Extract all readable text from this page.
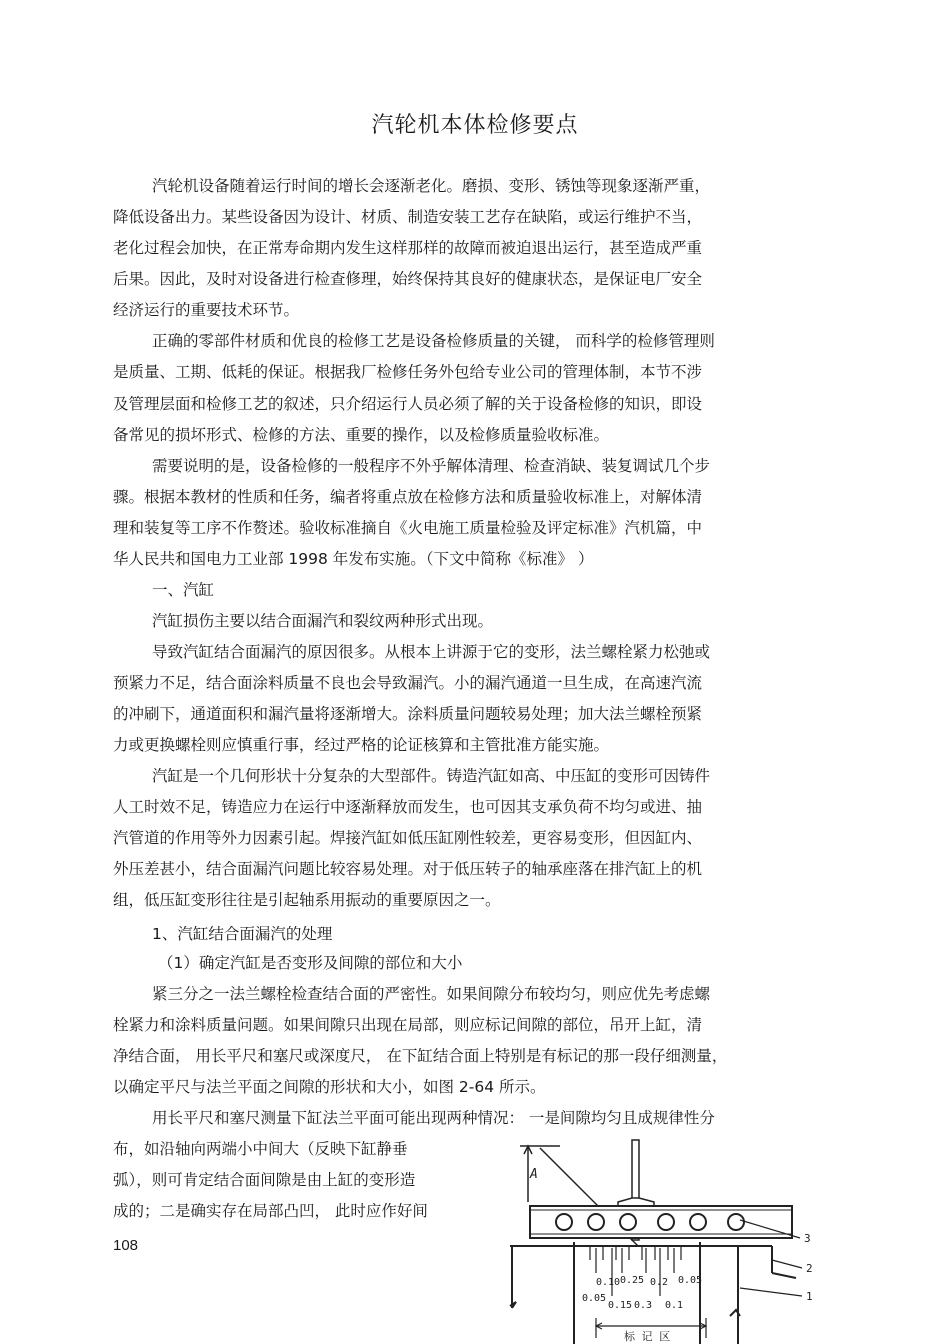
汽轮机本体检修要点
汽轮机设备随着运行时间的增长会逐渐老化。磨损、变形、锈蚀等现象逐渐严重，
降低设备出力。某些设备因为设计、材质、制造安装工艺存在缺陷，或运行维护不当，
老化过程会加快，在正常寿命期内发生这样那样的故障而被迫退出运行，甚至造成严重
后果。因此，及时对设备进行检查修理，始终保持其良好的健康状态，是保证电厂安全
经济运行的重要技术环节。
正确的零部件材质和优良的检修工艺是设备检修质量的关键， 而科学的检修管理则
是质量、工期、低耗的保证。根据我厂检修任务外包给专业公司的管理体制，本节不涉
及管理层面和检修工艺的叙述，只介绍运行人员必须了解的关于设备检修的知识，即设
备常见的损坏形式、检修的方法、重要的操作，以及检修质量验收标准。
需要说明的是，设备检修的一般程序不外乎解体清理、检查消缺、装复调试几个步
骤。根据本教材的性质和任务，编者将重点放在检修方法和质量验收标准上，对解体清
理和装复等工序不作赘述。验收标准摘自《火电施工质量检验及评定标准》汽机篇，中
华人民共和国电力工业部 1998 年发布实施。（下文中简称《标准》 ）
一、汽缸
汽缸损伤主要以结合面漏汽和裂纹两种形式出现。
导致汽缸结合面漏汽的原因很多。从根本上讲源于它的变形，法兰螺栓紧力松弛或
预紧力不足，结合面涂料质量不良也会导致漏汽。小的漏汽通道一旦生成，在高速汽流
的冲刷下，通道面积和漏汽量将逐渐增大。涂料质量问题较易处理；加大法兰螺栓预紧
力或更换螺栓则应慎重行事，经过严格的论证核算和主管批准方能实施。
汽缸是一个几何形状十分复杂的大型部件。铸造汽缸如高、中压缸的变形可因铸件
人工时效不足，铸造应力在运行中逐渐释放而发生，也可因其支承负荷不均匀或进、抽
汽管道的作用等外力因素引起。焊接汽缸如低压缸刚性较差，更容易变形，但因缸内、
外压差甚小，结合面漏汽问题比较容易处理。对于低压转子的轴承座落在排汽缸上的机
组，低压缸变形往往是引起轴系用振动的重要原因之一。
1、汽缸结合面漏汽的处理
（1）确定汽缸是否变形及间隙的部位和大小
紧三分之一法兰螺栓检查结合面的严密性。如果间隙分布较均匀，则应优先考虑螺
栓紧力和涂料质量问题。如果间隙只出现在局部，则应标记间隙的部位，吊开上缸，清
净结合面， 用长平尺和塞尺或深度尺， 在下缸结合面上特别是有标记的那一段仔细测量，
以确定平尺与法兰平面之间隙的形状和大小，如图 2-64 所示。
用长平尺和塞尺测量下缸法兰平面可能出现两种情况： 一是间隙均匀且成规律性分
布，如沿轴向两端小中间大（反映下缸静垂
弧），则可肯定结合面间隙是由上缸的变形造
成的；二是确实存在局部凸凹， 此时应作好间
108
A
0.10 0.25 0.2 0.05
0.05
0.15 0.3 0.1
标 记 区
3
2
1
